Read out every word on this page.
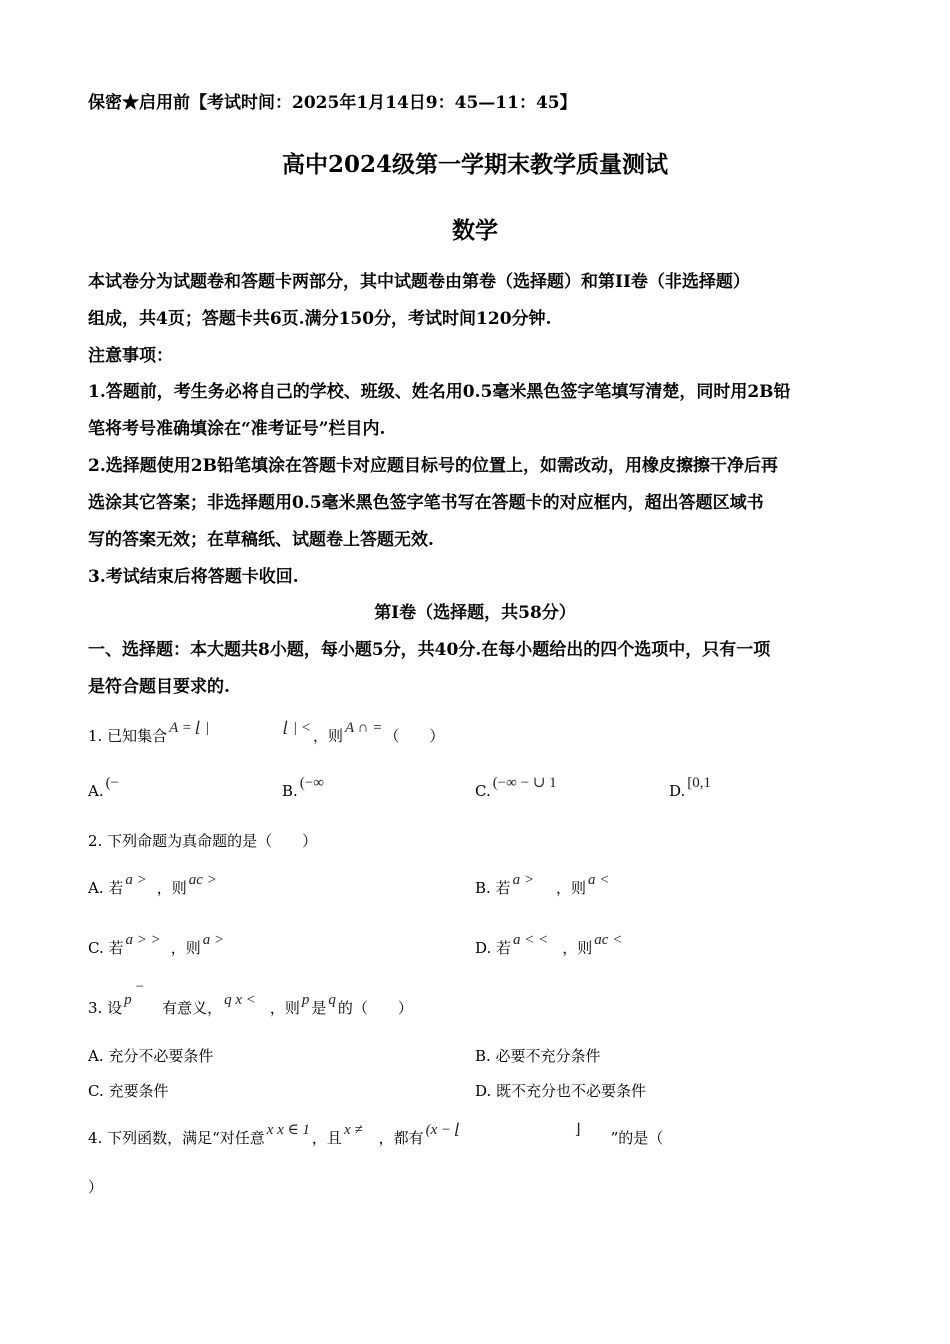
保密★启用前【考试时间：2025年1月14日9：45—11：45】
高中2024级第一学期末教学质量测试
数学
本试卷分为试题卷和答题卡两部分，其中试题卷由第卷（选择题）和第II卷（非选择题）
组成，共4页；答题卡共6页.满分150分，考试时间120分钟.
注意事项：
1.答题前，考生务必将自己的学校、班级、姓名用0.5毫米黑色签字笔填写清楚，同时用2B铅
笔将考号准确填涂在“准考证号”栏目内.
2.选择题使用2B铅笔填涂在答题卡对应题目标号的位置上，如需改动，用橡皮擦擦干净后再
选涂其它答案；非选择题用0.5毫米黑色签字笔书写在答题卡的对应框内，超出答题区域书
写的答案无效；在草稿纸、试题卷上答题无效.
3.考试结束后将答题卡收回.
第I卷（选择题，共58分）
一、选择题：本大题共8小题，每小题5分，共40分.在每小题给出的四个选项中，只有一项
是符合题目要求的.
1. 已知集合 A = ⌊ |	⌊ | < ，则 A ∩ = （　　）
A. (−	B. (−∞	C. (−∞ − ∪ 1	D. [0,1
2. 下列命题为真命题的是（　　）
A. 若 a > ，则 ac >	B. 若 a > ，则 a <
C. 若 a > > ，则 a >	D. 若 a < < ，则 ac <
3. 设 p−有意义， q x < ，则 p 是 q 的（　　）
A. 充分不必要条件	B. 必要不充分条件
C. 充要条件	D. 既不充分也不必要条件
4. 下列函数，满足“对任意 x x ∈ 1 ，且 x ≠ ，都有 (x − ⌊	⌋ ”的是（
）
